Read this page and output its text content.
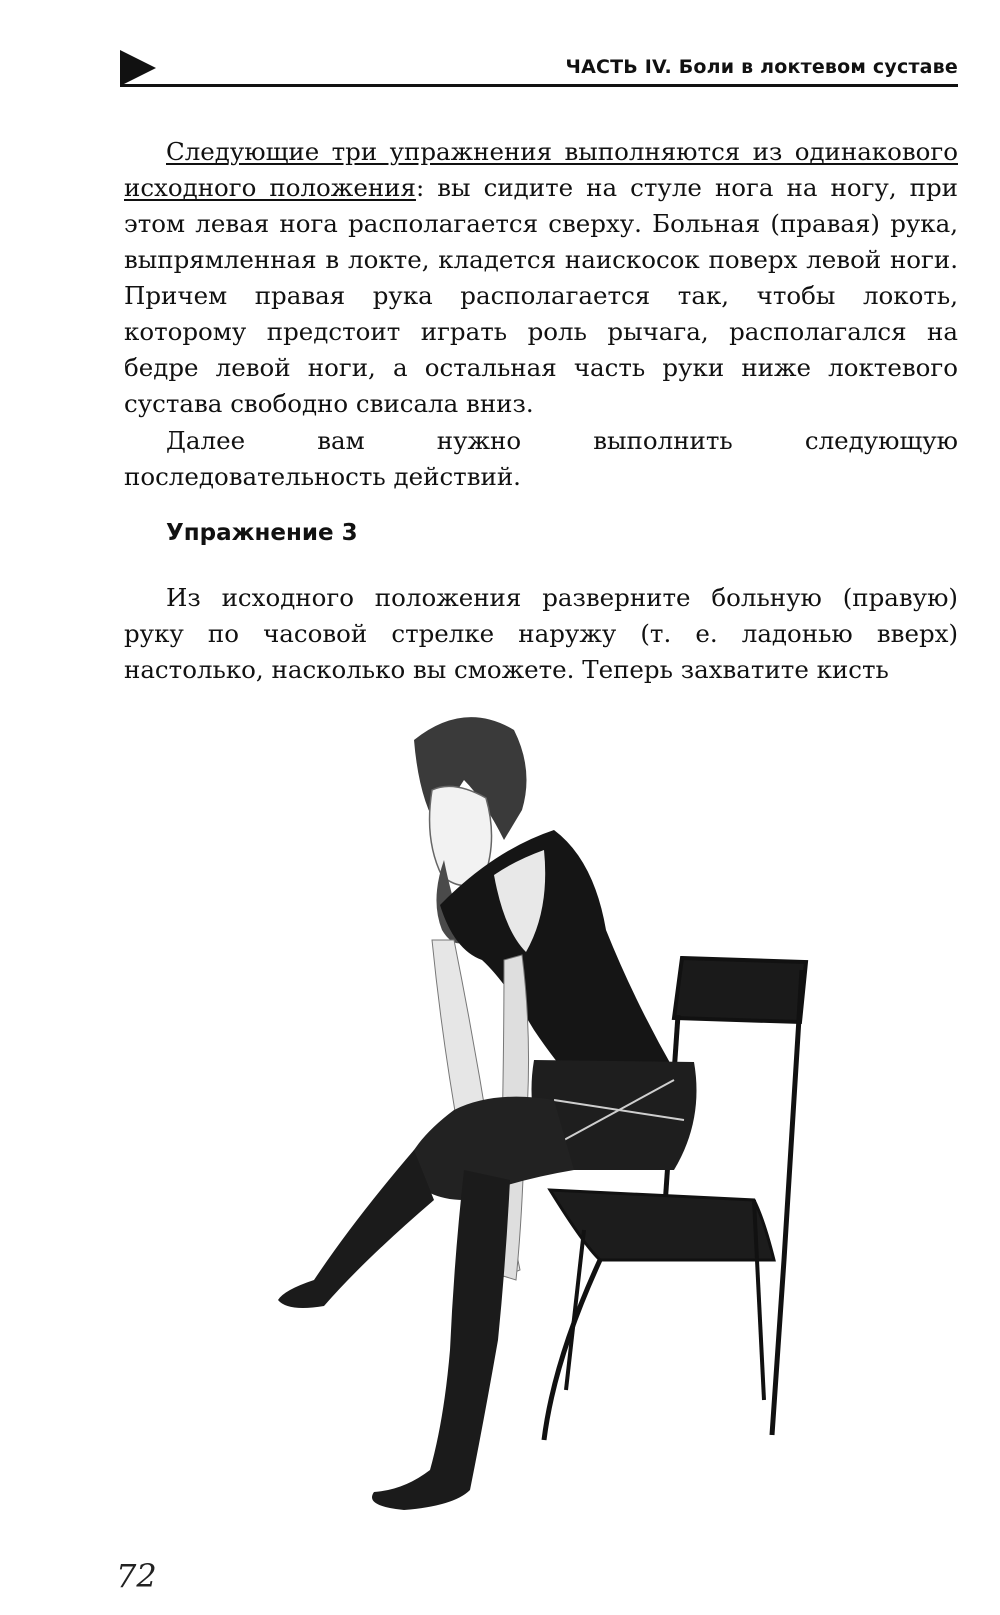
ЧАСТЬ IV. Боли в локтевом суставе

Следующие три упражнения выполняются из одинакового исходного положения: вы сидите на стуле нога на ногу, при этом левая нога располагается сверху. Больная (правая) рука, выпрямленная в локте, кладется наискосок поверх левой ноги. Причем правая рука располагается так, чтобы локоть, которому предстоит играть роль рычага, располагался на бедре левой ноги, а остальная часть руки ниже локтевого сустава свободно свисала вниз.

Далее вам нужно выполнить следующую последовательность действий.

Упражнение 3

Из исходного положения разверните больную (правую) руку по часовой стрелке наружу (т. е. ладонью вверх) настолько, насколько вы сможете. Теперь захватите кисть

72
